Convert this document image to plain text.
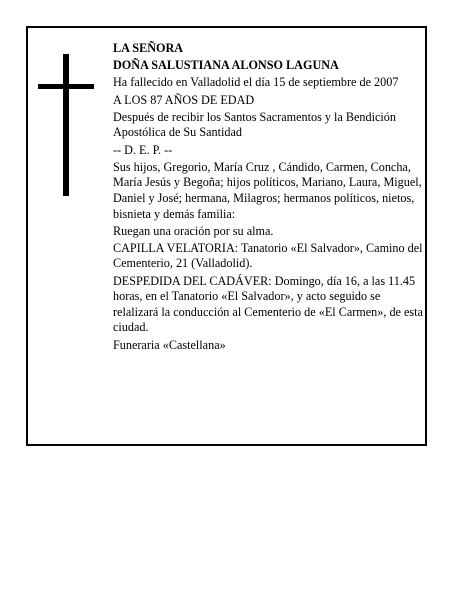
LA SEÑORA

DOÑA SALUSTIANA ALONSO LAGUNA

Ha fallecido en Valladolid el día 15 de septiembre de 2007

A LOS 87 AÑOS DE EDAD

Después de recibir los Santos Sacramentos y la Bendición Apostólica de Su Santidad

-- D. E. P. --

Sus hijos, Gregorio, María Cruz , Cándido, Carmen, Concha, María Jesús y Begoña; hijos políticos, Mariano, Laura, Miguel, Daniel y José; hermana, Milagros; hermanos políticos, nietos, bisnieta y demás familia:

Ruegan una oración por su alma.

CAPILLA VELATORIA: Tanatorio «El Salvador», Camino del Cementerio, 21 (Valladolid).

DESPEDIDA DEL CADÁVER: Domingo, día 16, a las 11.45 horas, en el Tanatorio «El Salvador», y acto seguido se relalizará la conducción al Cementerio de «El Carmen», de esta ciudad.

Funeraria «Castellana»
